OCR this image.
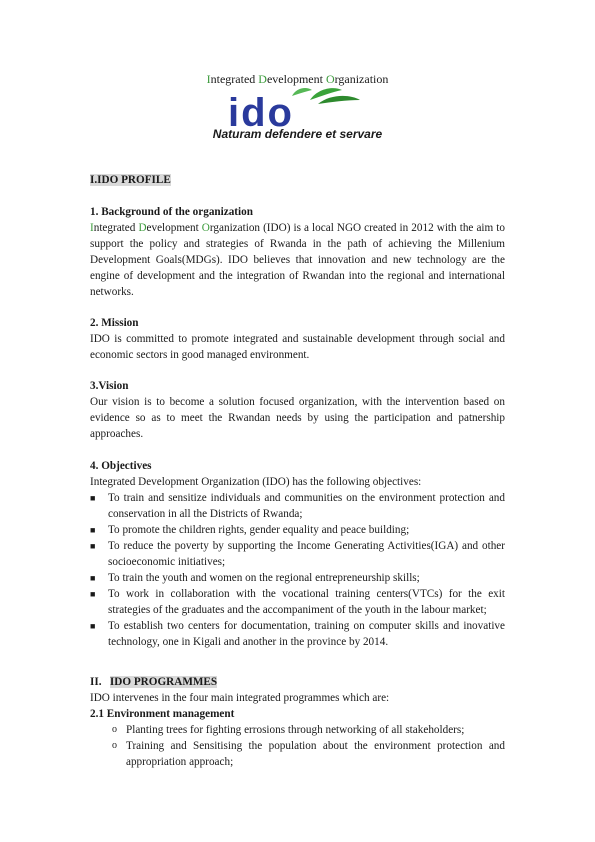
Integrated Development Organization
ido
Naturam defendere et servare
I.IDO PROFILE

1. Background of the organization

Integrated Development Organization (IDO) is a local NGO created in 2012 with the aim to support the policy and strategies of Rwanda in the path of achieving the Millenium Development Goals(MDGs). IDO believes that innovation and new technology are the engine of development and the integration of Rwandan into the regional and international networks.

2. Mission

IDO is committed to promote integrated and sustainable development through social and economic sectors in good managed environment.

3.Vision

Our vision is to become a solution focused organization, with the intervention based on evidence so as to meet the Rwandan needs by using the participation and patnership approaches.

4. Objectives

Integrated Development Organization (IDO) has the following objectives:

■ To train and sensitize individuals and communities on the environment protection and conservation in all the Districts of Rwanda;
■ To promote the children rights, gender equality and peace building;
■ To reduce the poverty by supporting the Income Generating Activities(IGA) and other socioeconomic initiatives;
■ To train the youth and women on the regional entrepreneurship skills;
■ To work in collaboration with the vocational training centers(VTCs) for the exit strategies of the graduates and the accompaniment of the youth in the labour market;
■ To establish two centers for documentation, training on computer skills and inovative technology, one in Kigali and another in the province by 2014.

II. IDO PROGRAMMES

IDO intervenes in the four main integrated programmes which are:

2.1 Environment management

o Planting trees for fighting errosions through networking of all stakeholders;
o Training and Sensitising the population about the environment protection and appropriation approach;
